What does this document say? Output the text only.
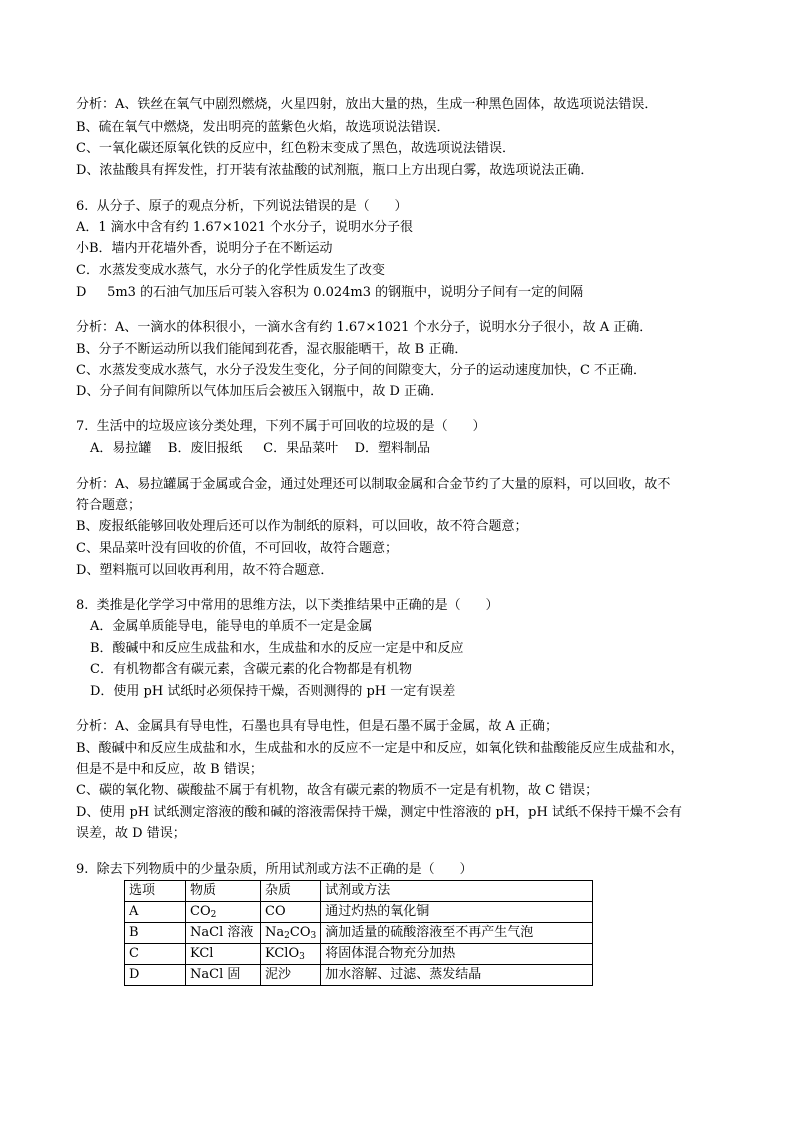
分析：A、铁丝在氧气中剧烈燃烧，火星四射，放出大量的热，生成一种黑色固体，故选项说法错误．
B、硫在氧气中燃烧，发出明亮的蓝紫色火焰，故选项说法错误．
C、一氧化碳还原氧化铁的反应中，红色粉末变成了黑色，故选项说法错误．
D、浓盐酸具有挥发性，打开装有浓盐酸的试剂瓶，瓶口上方出现白雾，故选项说法正确．
6.  从分子、原子的观点分析，下列说法错误的是（      ）
A．1 滴水中含有约 1.67×1021 个水分子，说明水分子很
小B．墙内开花墙外香，说明分子在不断运动
C．水蒸发变成水蒸气，水分子的化学性质发生了改变
D     5m3 的石油气加压后可装入容积为 0.024m3 的钢瓶中，说明分子间有一定的间隔
分析：A、一滴水的体积很小，一滴水含有约 1.67×1021 个水分子，说明水分子很小，故 A 正确．
B、分子不断运动所以我们能闻到花香，湿衣服能晒干，故 B 正确．
C、水蒸发变成水蒸气，水分子没发生变化，分子间的间隙变大，分子的运动速度加快，C 不正确．
D、分子间有间隙所以气体加压后会被压入钢瓶中，故 D 正确．
7.  生活中的垃圾应该分类处理，下列不属于可回收的垃圾的是（      ）
A．易拉罐    B．废旧报纸     C．果品菜叶    D．塑料制品
分析：A、易拉罐属于金属或合金，通过处理还可以制取金属和合金节约了大量的原料，可以回收，故不
符合题意；
B、废报纸能够回收处理后还可以作为制纸的原料，可以回收，故不符合题意；
C、果品菜叶没有回收的价值，不可回收，故符合题意；
D、塑料瓶可以回收再利用，故不符合题意．
8.  类推是化学学习中常用的思维方法，以下类推结果中正确的是（      ）
A．金属单质能导电，能导电的单质不一定是金属
B．酸碱中和反应生成盐和水，生成盐和水的反应一定是中和反应
C．有机物都含有碳元素，含碳元素的化合物都是有机物
D．使用 pH 试纸时必须保持干燥，否则测得的 pH 一定有误差
分析：A、金属具有导电性，石墨也具有导电性，但是石墨不属于金属，故 A 正确；
B、酸碱中和反应生成盐和水，生成盐和水的反应不一定是中和反应，如氧化铁和盐酸能反应生成盐和水，
但是不是中和反应，故 B 错误；
C、碳的氧化物、碳酸盐不属于有机物，故含有碳元素的物质不一定是有机物，故 C 错误；
D、使用 pH 试纸测定溶液的酸和碱的溶液需保持干燥，测定中性溶液的 pH，pH 试纸不保持干燥不会有
误差，故 D 错误；
9.  除去下列物质中的少量杂质，所用试剂或方法不正确的是（      ）
选项	物质	杂质	试剂或方法
A	$CO_2$	CO	通过灼热的氧化铜
B	NaCl 溶液	$Na_2CO_3$	滴加适量的硫酸溶液至不再产生气泡
C	KCl	KClO$_3$	将固体混合物充分加热
D	NaCl 固	泥沙	加水溶解、过滤、蒸发结晶
